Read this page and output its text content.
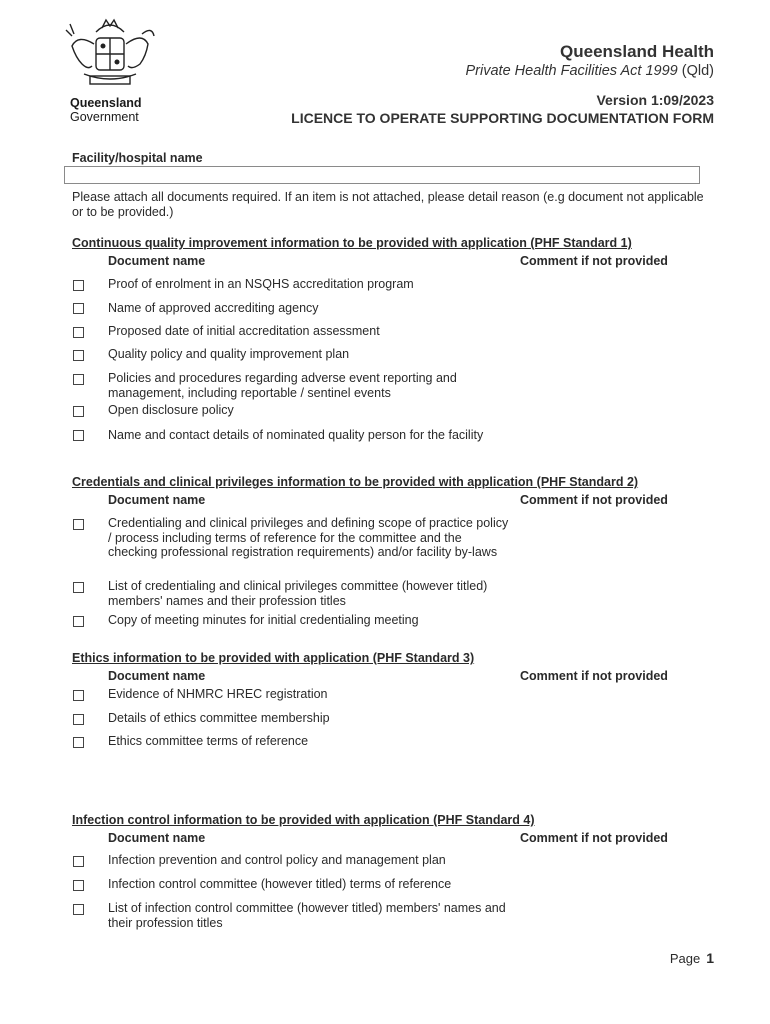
Queensland
Government
Queensland Health
Private Health Facilities Act 1999 (Qld)
Version 1:09/2023
LICENCE TO OPERATE SUPPORTING DOCUMENTATION FORM
Facility/hospital name
Please attach all documents required. If an item is not attached, please detail reason (e.g document not applicable or to be provided.)
Continuous quality improvement information to be provided with application (PHF Standard 1)
Document name	Comment if not provided
Proof of enrolment in an NSQHS accreditation program
Name of approved accrediting agency
Proposed date of initial accreditation assessment
Quality policy and quality improvement plan
Policies and procedures regarding adverse event reporting and management, including reportable / sentinel events
Open disclosure policy
Name and contact details of nominated quality person for the facility
Credentials and clinical privileges information to be provided with application (PHF Standard 2)
Document name	Comment if not provided
Credentialing and clinical privileges and defining scope of practice policy / process including terms of reference for the committee and the checking professional registration requirements) and/or facility by-laws
List of credentialing and clinical privileges committee (however titled) members' names and their profession titles
Copy of meeting minutes for initial credentialing meeting
Ethics information to be provided with application (PHF Standard 3)
Document name	Comment if not provided
Evidence of NHMRC HREC registration
Details of ethics committee membership
Ethics committee terms of reference
Infection control information to be provided with application (PHF Standard 4)
Document name	Comment if not provided
Infection prevention and control policy and management plan
Infection control committee (however titled) terms of reference
List of infection control committee (however titled) members' names and their profession titles
Page 1
